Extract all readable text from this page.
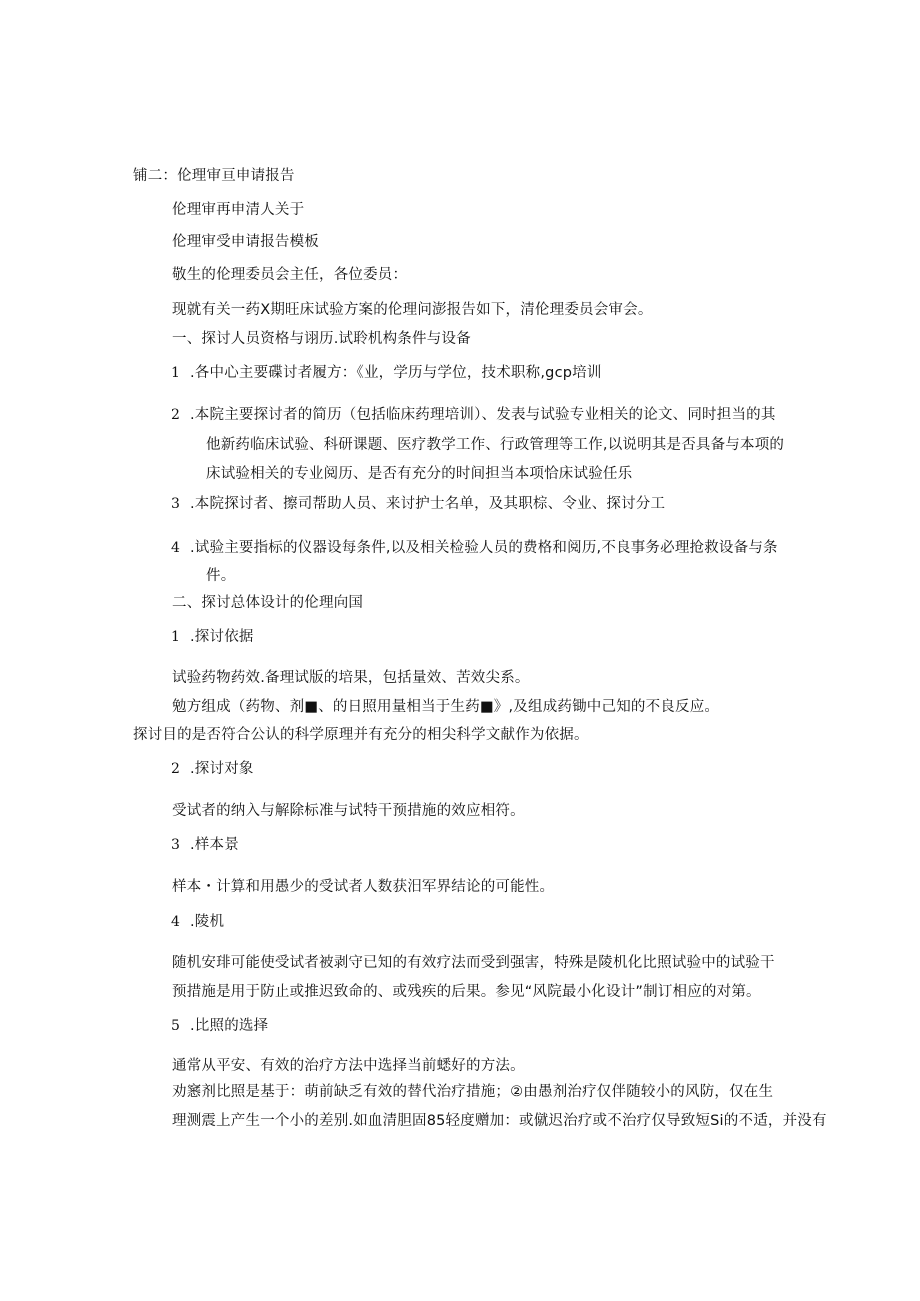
铺二：伦理审亘申请报告
伦理审再申清人关于
伦理审受申请报告模板
敬生的伦理委员会主任，各位委员：
现就有关一药X期旺床试验方案的伦理问澎报告如下，清伦理委员会审会。
一、探讨人员资格与诩历.试聆机构条件与设备
1 .各中心主要碟讨者履方：《业，学历与学位，技术职称,gcp培训
2 .本院主要探讨者的简历（包括临床药理培训）、发表与试验专业相关的论文、同时担当的其
他新药临床试验、科研课题、医疗教学工作、行政管理等工作,以说明其是否具备与本项的
床试验相关的专业阅历、是否有充分的时间担当本项恰床试验任乐
3 .本院探讨者、擦司帮助人员、来讨护士名单，及其职棕、令业、探讨分工
4 .试验主要指标的仪器设每条件,以及相关检验人员的费格和阅历,不良事务必理抢救设备与条
件。
二、探讨总体设计的伦理向国
1 .探讨依据
试验药物药效.备理试版的培果，包括量效、苦效尖系。
勉方组成（药物、剂■、的日照用量相当于生药■》,及组成药锄中己知的不良反应。
探讨目的是否符合公认的科学原理并有充分的相尖科学文献作为依据。
2 .探讨对象
受试者的纳入与解除标准与试特干预措施的效应相符。
3 .样本景
样本・计算和用愚少的受试者人数获汨军界结论的可能性。
4 .陵机
随机安琲可能使受试者被剥守已知的有效疗法而受到强害，特殊是陵机化比照试验中的试验干
预措施是用于防止或推迟致命的、或残疾的后果。参见“风院最小化设计”制订相应的对第。
5 .比照的选择
通常从平安、有效的治疗方法中选择当前蟋好的方法。
劝窸剂比照是基于：萌前缺乏有效的替代治疗措施；②由愚剂治疗仅伴随较小的风防，仅在生
理测震上产生一个小的差别.如血清胆固85轻度赠加：或僦迟治疗或不治疗仅导致短Si的不适，并没有
